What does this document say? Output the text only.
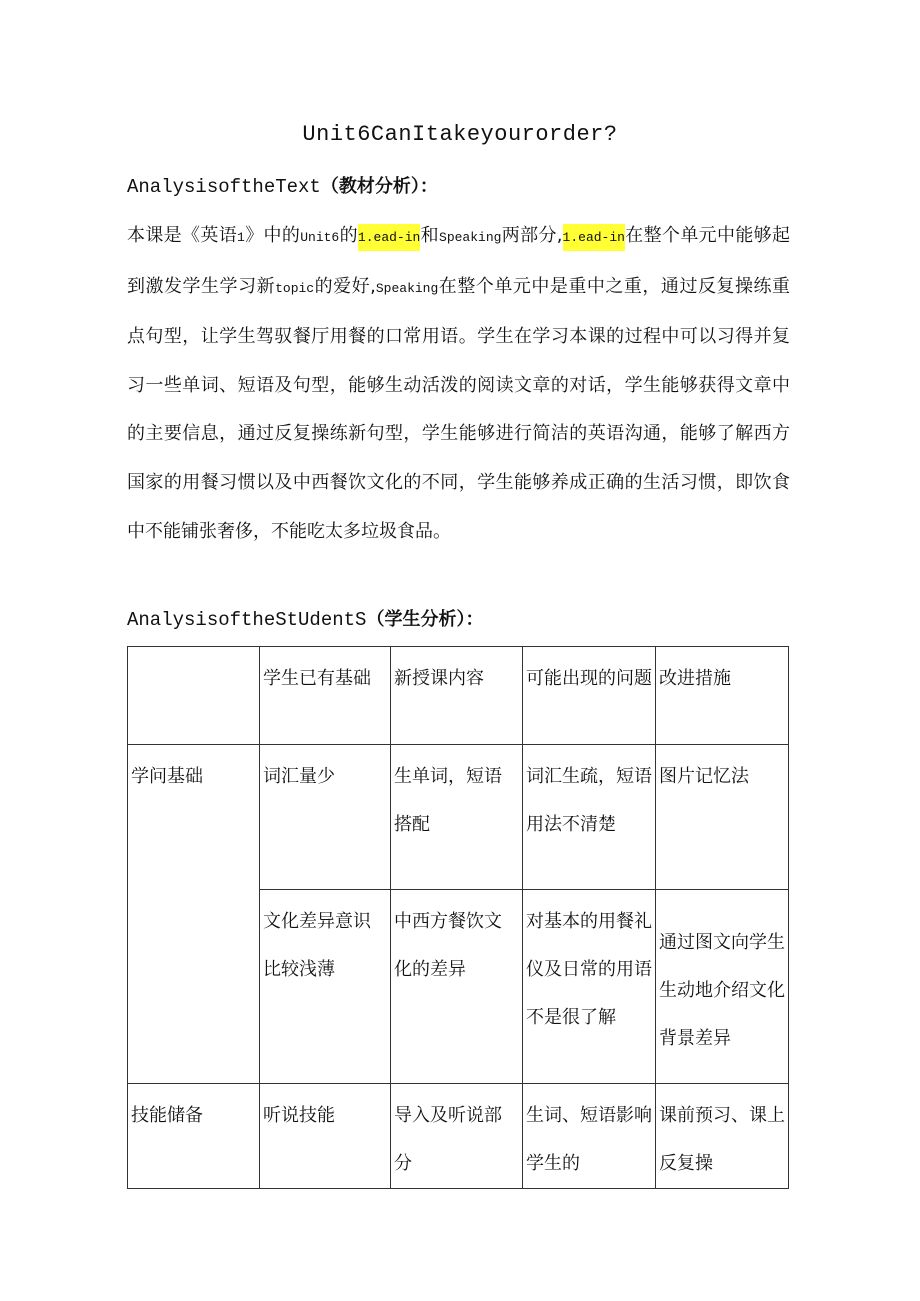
Unit6CanItakeyourorder?
AnalysisoftheText（教材分析）：
本课是《英语1》中的Unit6的1.ead-in和Speaking两部分,1.ead-in在整个单元中能够起到激发学生学习新topic的爱好,Speaking在整个单元中是重中之重，通过反复操练重点句型，让学生驾驭餐厅用餐的口常用语。学生在学习本课的过程中可以习得并复习一些单词、短语及句型，能够生动活泼的阅读文章的对话，学生能够获得文章中的主要信息，通过反复操练新句型，学生能够进行简洁的英语沟通，能够了解西方国家的用餐习惯以及中西餐饮文化的不同，学生能够养成正确的生活习惯，即饮食中不能铺张奢侈，不能吃太多垃圾食品。
AnalysisoftheStUdentS（学生分析）：
	学生已有基础	新授课内容	可能出现的问题	改进措施
学问基础	词汇量少	生单词，短语搭配	词汇生疏，短语用法不清楚	图片记忆法
	文化差异意识比较浅薄	中西方餐饮文化的差异	对基本的用餐礼仪及日常的用语不是很了解	通过图文向学生生动地介绍文化背景差异
技能储备	听说技能	导入及听说部分	生词、短语影响学生的	课前预习、课上反复操
